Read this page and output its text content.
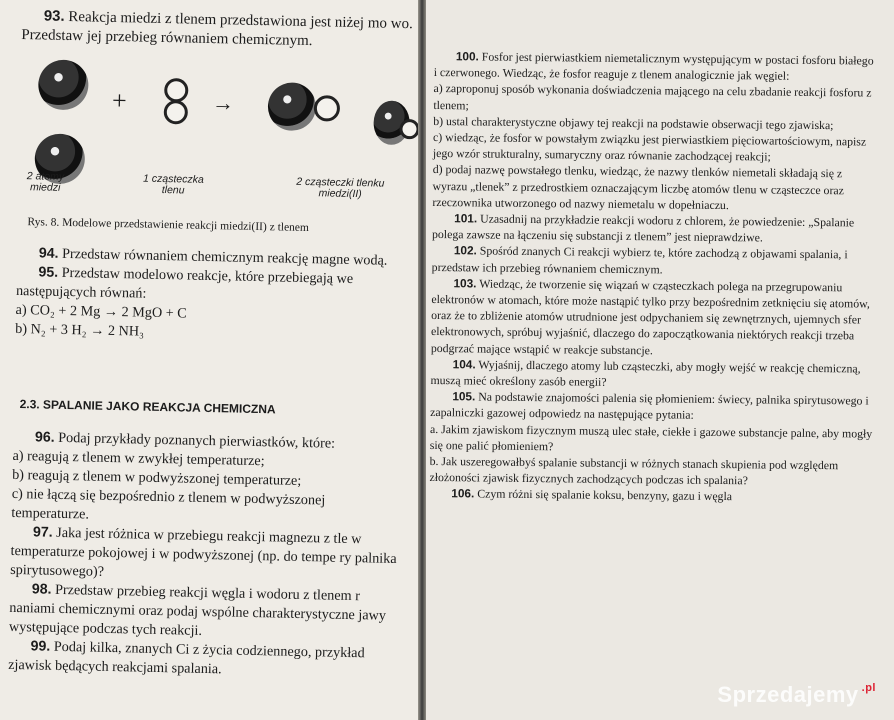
93. Reakcja miedzi z tlenem przedstawiona jest niżej mo wo. Przedstaw jej przebieg równaniem chemicznym.

+	→
2 atomy miedzi
1 cząsteczka tlenu
2 cząsteczki tlenku miedzi(II)

Rys. 8. Modelowe przedstawienie reakcji miedzi(II) z tlenem

94. Przedstaw równaniem chemicznym reakcję magne wodą.

95. Przedstaw modelowo reakcje, które przebiegają we następujących równań:

a) CO₂ + 2 Mg → 2 MgO + C

b) N₂ + 3 H₂ → 2 NH₃

2.3. SPALANIE JAKO REAKCJA CHEMICZNA

96. Podaj przykłady poznanych pierwiastków, które:

a) reagują z tlenem w zwykłej temperaturze;

b) reagują z tlenem w podwyższonej temperaturze;

c) nie łączą się bezpośrednio z tlenem w podwyższonej temperaturze.

97. Jaka jest różnica w przebiegu reakcji magnezu z tle w temperaturze pokojowej i w podwyższonej (np. do tempe ry palnika spirytusowego)?

98. Przedstaw przebieg reakcji węgla i wodoru z tlenem r naniami chemicznymi oraz podaj wspólne charakterystyczne jawy występujące podczas tych reakcji.

99. Podaj kilka, znanych Ci z życia codziennego, przykład zjawisk będących reakcjami spalania.

100. Fosfor jest pierwiastkiem niemetalicznym występującym w postaci fosforu białego i czerwonego. Wiedząc, że fosfor reaguje z tlenem analogicznie jak węgiel:

a) zaproponuj sposób wykonania doświadczenia mającego na celu zbadanie reakcji fosforu z tlenem;

b) ustal charakterystyczne objawy tej reakcji na podstawie obserwacji tego zjawiska;

c) wiedząc, że fosfor w powstałym związku jest pierwiastkiem pięciowartościowym, napisz jego wzór strukturalny, sumaryczny oraz równanie zachodzącej reakcji;

d) podaj nazwę powstałego tlenku, wiedząc, że nazwy tlenków niemetali składają się z wyrazu „tlenek” z przedrostkiem oznaczającym liczbę atomów tlenu w cząsteczce oraz rzeczownika utworzonego od nazwy niemetalu w dopełniaczu.

101. Uzasadnij na przykładzie reakcji wodoru z chlorem, że powiedzenie: „Spalanie polega zawsze na łączeniu się substancji z tlenem” jest nieprawdziwe.

102. Spośród znanych Ci reakcji wybierz te, które zachodzą z objawami spalania, i przedstaw ich przebieg równaniem chemicznym.

103. Wiedząc, że tworzenie się wiązań w cząsteczkach polega na przegrupowaniu elektronów w atomach, które może nastąpić tylko przy bezpośrednim zetknięciu się atomów, oraz że to zbliżenie atomów utrudnione jest odpychaniem się zewnętrznych, ujemnych sfer elektronowych, spróbuj wyjaśnić, dlaczego do zapoczątkowania niektórych reakcji trzeba podgrzać mające wstąpić w reakcje substancje.

104. Wyjaśnij, dlaczego atomy lub cząsteczki, aby mogły wejść w reakcję chemiczną, muszą mieć określony zasób energii?

105. Na podstawie znajomości palenia się płomieniem: świecy, palnika spirytusowego i zapalniczki gazowej odpowiedz na następujące pytania:

a. Jakim zjawiskom fizycznym muszą ulec stałe, ciekłe i gazowe substancje palne, aby mogły się one palić płomieniem?

b. Jak uszeregowałbyś spalanie substancji w różnych stanach skupienia pod względem złożoności zjawisk fizycznych zachodzących podczas ich spalania?

106. Czym różni się spalanie koksu, benzyny, gazu i węgla

Sprzedajemy $^{.pl}$
